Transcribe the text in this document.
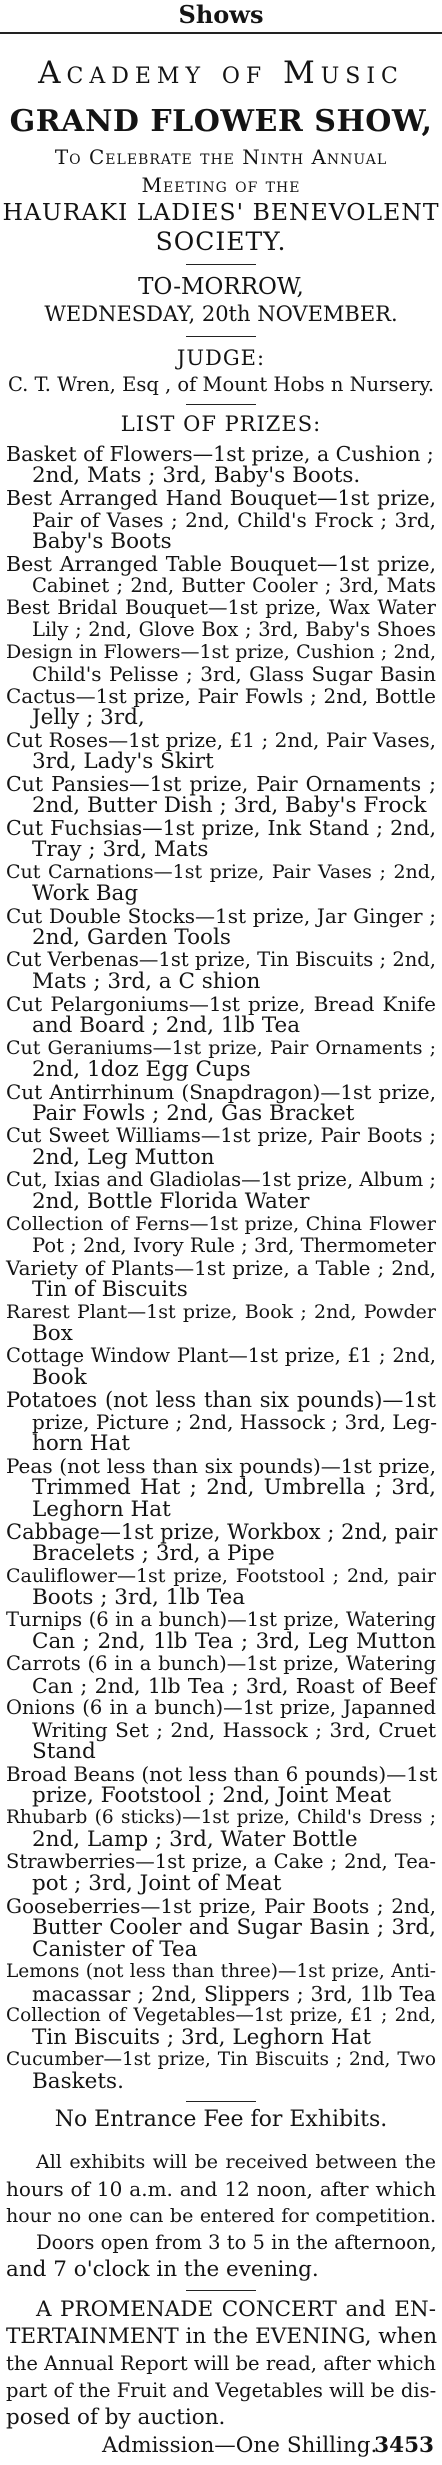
Shows
Academy of Music
GRAND FLOWER SHOW,
To Celebrate the Ninth Annual
Meeting of the
HAURAKI LADIES' BENEVOLENT
SOCIETY.
TO-MORROW,
WEDNESDAY, 20th NOVEMBER.
JUDGE:
C. T. Wren, Esq , of Mount Hobs n Nursery.
LIST OF PRIZES:
Basket of Flowers—1st prize, a Cushion ;
2nd, Mats ; 3rd, Baby's Boots.
Best Arranged Hand Bouquet—1st prize,
Pair of Vases ; 2nd, Child's Frock ; 3rd,
Baby's Boots
Best Arranged Table Bouquet—1st prize,
Cabinet ; 2nd, Butter Cooler ; 3rd, Mats
Best Bridal Bouquet—1st prize, Wax Water
Lily ; 2nd, Glove Box ; 3rd, Baby's Shoes
Design in Flowers—1st prize, Cushion ; 2nd,
Child's Pelisse ; 3rd, Glass Sugar Basin
Cactus—1st prize, Pair Fowls ; 2nd, Bottle
Jelly ; 3rd,
Cut Roses—1st prize, £1 ; 2nd, Pair Vases,
3rd, Lady's Skirt
Cut Pansies—1st prize, Pair Ornaments ;
2nd, Butter Dish ; 3rd, Baby's Frock
Cut Fuchsias—1st prize, Ink Stand ; 2nd,
Tray ; 3rd, Mats
Cut Carnations—1st prize, Pair Vases ; 2nd,
Work Bag
Cut Double Stocks—1st prize, Jar Ginger ;
2nd, Garden Tools
Cut Verbenas—1st prize, Tin Biscuits ; 2nd,
Mats ; 3rd, a C shion
Cut Pelargoniums—1st prize, Bread Knife
and Board ; 2nd, 1lb Tea
Cut Geraniums—1st prize, Pair Ornaments ;
2nd, 1doz Egg Cups
Cut Antirrhinum (Snapdragon)—1st prize,
Pair Fowls ; 2nd, Gas Bracket
Cut Sweet Williams—1st prize, Pair Boots ;
2nd, Leg Mutton
Cut, Ixias and Gladiolas—1st prize, Album ;
2nd, Bottle Florida Water
Collection of Ferns—1st prize, China Flower
Pot ; 2nd, Ivory Rule ; 3rd, Thermometer
Variety of Plants—1st prize, a Table ; 2nd,
Tin of Biscuits
Rarest Plant—1st prize, Book ; 2nd, Powder
Box
Cottage Window Plant—1st prize, £1 ; 2nd,
Book
Potatoes (not less than six pounds)—1st
prize, Picture ; 2nd, Hassock ; 3rd, Leg-
horn Hat
Peas (not less than six pounds)—1st prize,
Trimmed Hat ; 2nd, Umbrella ; 3rd,
Leghorn Hat
Cabbage—1st prize, Workbox ; 2nd, pair
Bracelets ; 3rd, a Pipe
Cauliflower—1st prize, Footstool ; 2nd, pair
Boots ; 3rd, 1lb Tea
Turnips (6 in a bunch)—1st prize, Watering
Can ; 2nd, 1lb Tea ; 3rd, Leg Mutton
Carrots (6 in a bunch)—1st prize, Watering
Can ; 2nd, 1lb Tea ; 3rd, Roast of Beef
Onions (6 in a bunch)—1st prize, Japanned
Writing Set ; 2nd, Hassock ; 3rd, Cruet
Stand
Broad Beans (not less than 6 pounds)—1st
prize, Footstool ; 2nd, Joint Meat
Rhubarb (6 sticks)—1st prize, Child's Dress ;
2nd, Lamp ; 3rd, Water Bottle
Strawberries—1st prize, a Cake ; 2nd, Tea-
pot ; 3rd, Joint of Meat
Gooseberries—1st prize, Pair Boots ; 2nd,
Butter Cooler and Sugar Basin ; 3rd,
Canister of Tea
Lemons (not less than three)—1st prize, Anti-
macassar ; 2nd, Slippers ; 3rd, 1lb Tea
Collection of Vegetables—1st prize, £1 ; 2nd,
Tin Biscuits ; 3rd, Leghorn Hat
Cucumber—1st prize, Tin Biscuits ; 2nd, Two
Baskets.
No Entrance Fee for Exhibits.
All exhibits will be received between the
hours of 10 a.m. and 12 noon, after which
hour no one can be entered for competition.
Doors open from 3 to 5 in the afternoon,
and 7 o'clock in the evening.
A PROMENADE CONCERT and EN-
TERTAINMENT in the EVENING, when
the Annual Report will be read, after which
part of the Fruit and Vegetables will be dis-
posed of by auction.
Admission—One Shilling.
3453
